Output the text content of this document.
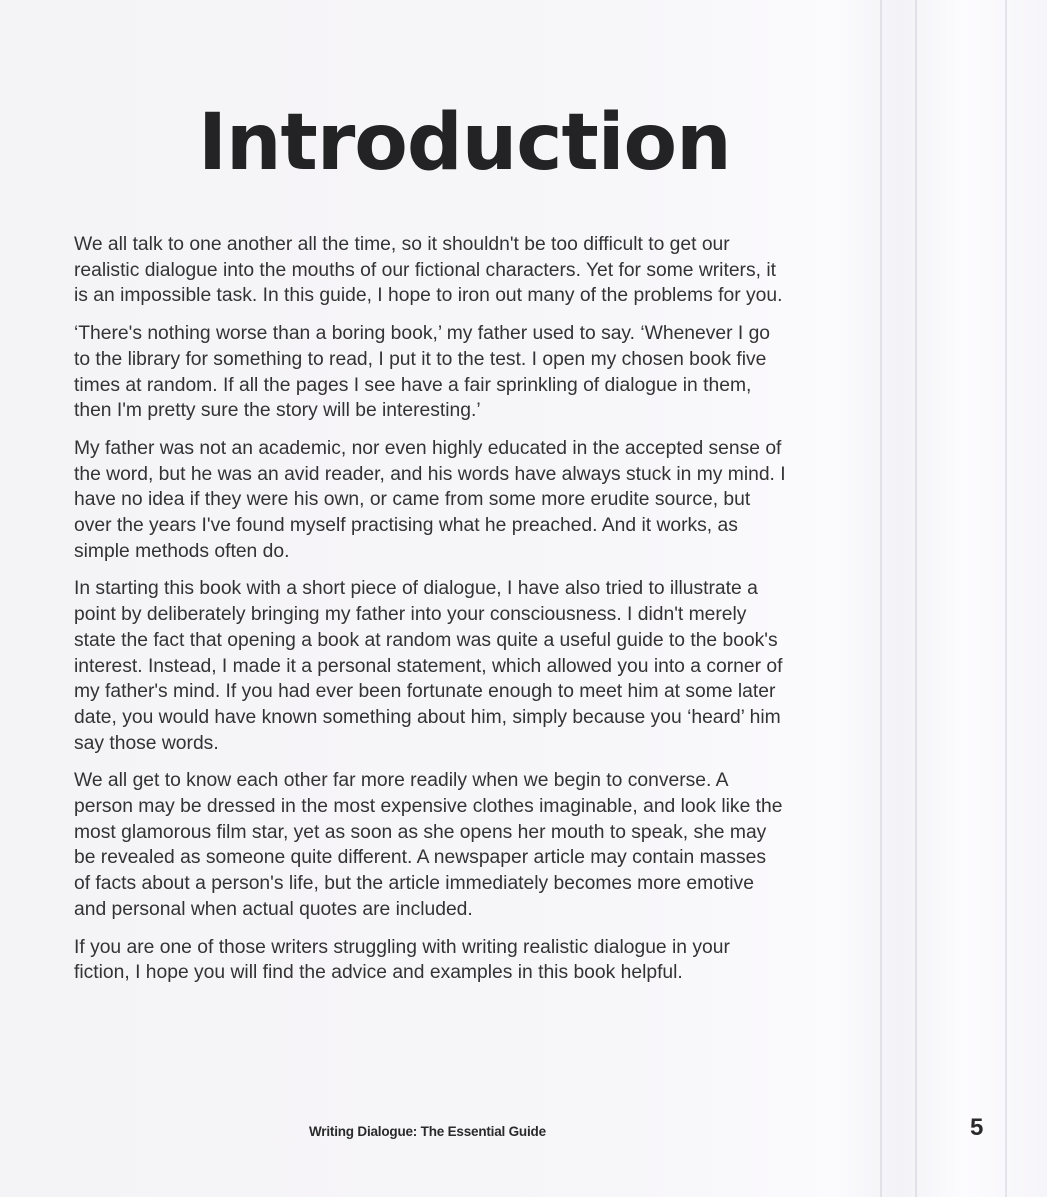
Introduction

We all talk to one another all the time, so it shouldn't be too difficult to get our realistic dialogue into the mouths of our fictional characters. Yet for some writers, it is an impossible task. In this guide, I hope to iron out many of the problems for you.

‘There's nothing worse than a boring book,’ my father used to say. ‘Whenever I go to the library for something to read, I put it to the test. I open my chosen book five times at random. If all the pages I see have a fair sprinkling of dialogue in them, then I'm pretty sure the story will be interesting.’

My father was not an academic, nor even highly educated in the accepted sense of the word, but he was an avid reader, and his words have always stuck in my mind. I have no idea if they were his own, or came from some more erudite source, but over the years I've found myself practising what he preached. And it works, as simple methods often do.

In starting this book with a short piece of dialogue, I have also tried to illustrate a point by deliberately bringing my father into your consciousness. I didn't merely state the fact that opening a book at random was quite a useful guide to the book's interest. Instead, I made it a personal statement, which allowed you into a corner of my father's mind. If you had ever been fortunate enough to meet him at some later date, you would have known something about him, simply because you ‘heard’ him say those words.

We all get to know each other far more readily when we begin to converse. A person may be dressed in the most expensive clothes imaginable, and look like the most glamorous film star, yet as soon as she opens her mouth to speak, she may be revealed as someone quite different. A newspaper article may contain masses of facts about a person's life, but the article immediately becomes more emotive and personal when actual quotes are included.

If you are one of those writers struggling with writing realistic dialogue in your fiction, I hope you will find the advice and examples in this book helpful.

Writing Dialogue: The Essential Guide	5
